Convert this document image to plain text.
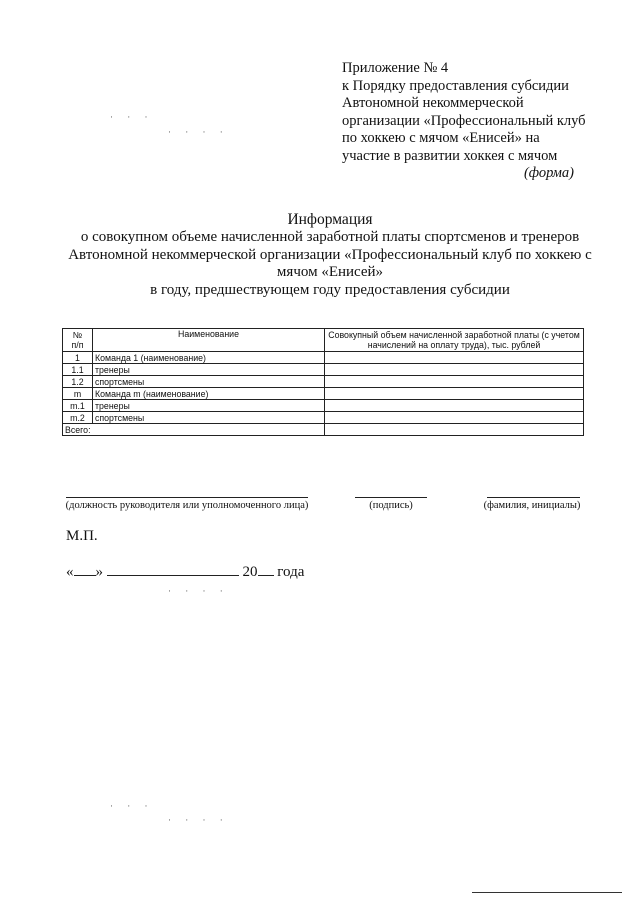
Приложение № 4
к Порядку предоставления субсидии
Автономной некоммерческой
организации «Профессиональный клуб
по хоккею с мячом «Енисей» на
участие в развитии хоккея с мячом
(форма)
· · ·
· · · ·
Информация
о совокупном объеме начисленной заработной платы спортсменов и тренеров
Автономной некоммерческой организации «Профессиональный клуб по хоккею с
мячом «Енисей»
в году, предшествующем году предоставления субсидии
№
п/п	Наименование	Совокупный объем начисленной заработной платы (с учетом начислений на оплату труда), тыс. рублей
1	Команда 1 (наименование)	
1.1	тренеры	
1.2	спортсмены	
m	Команда m (наименование)	
m.1	тренеры	
m.2	спортсмены	
Всего:		
(должность руководителя или уполномоченного лица)	(подпись)	(фамилия, инициалы)
М.П.
« »	20 года
· · · ·
· · ·
· · · ·
